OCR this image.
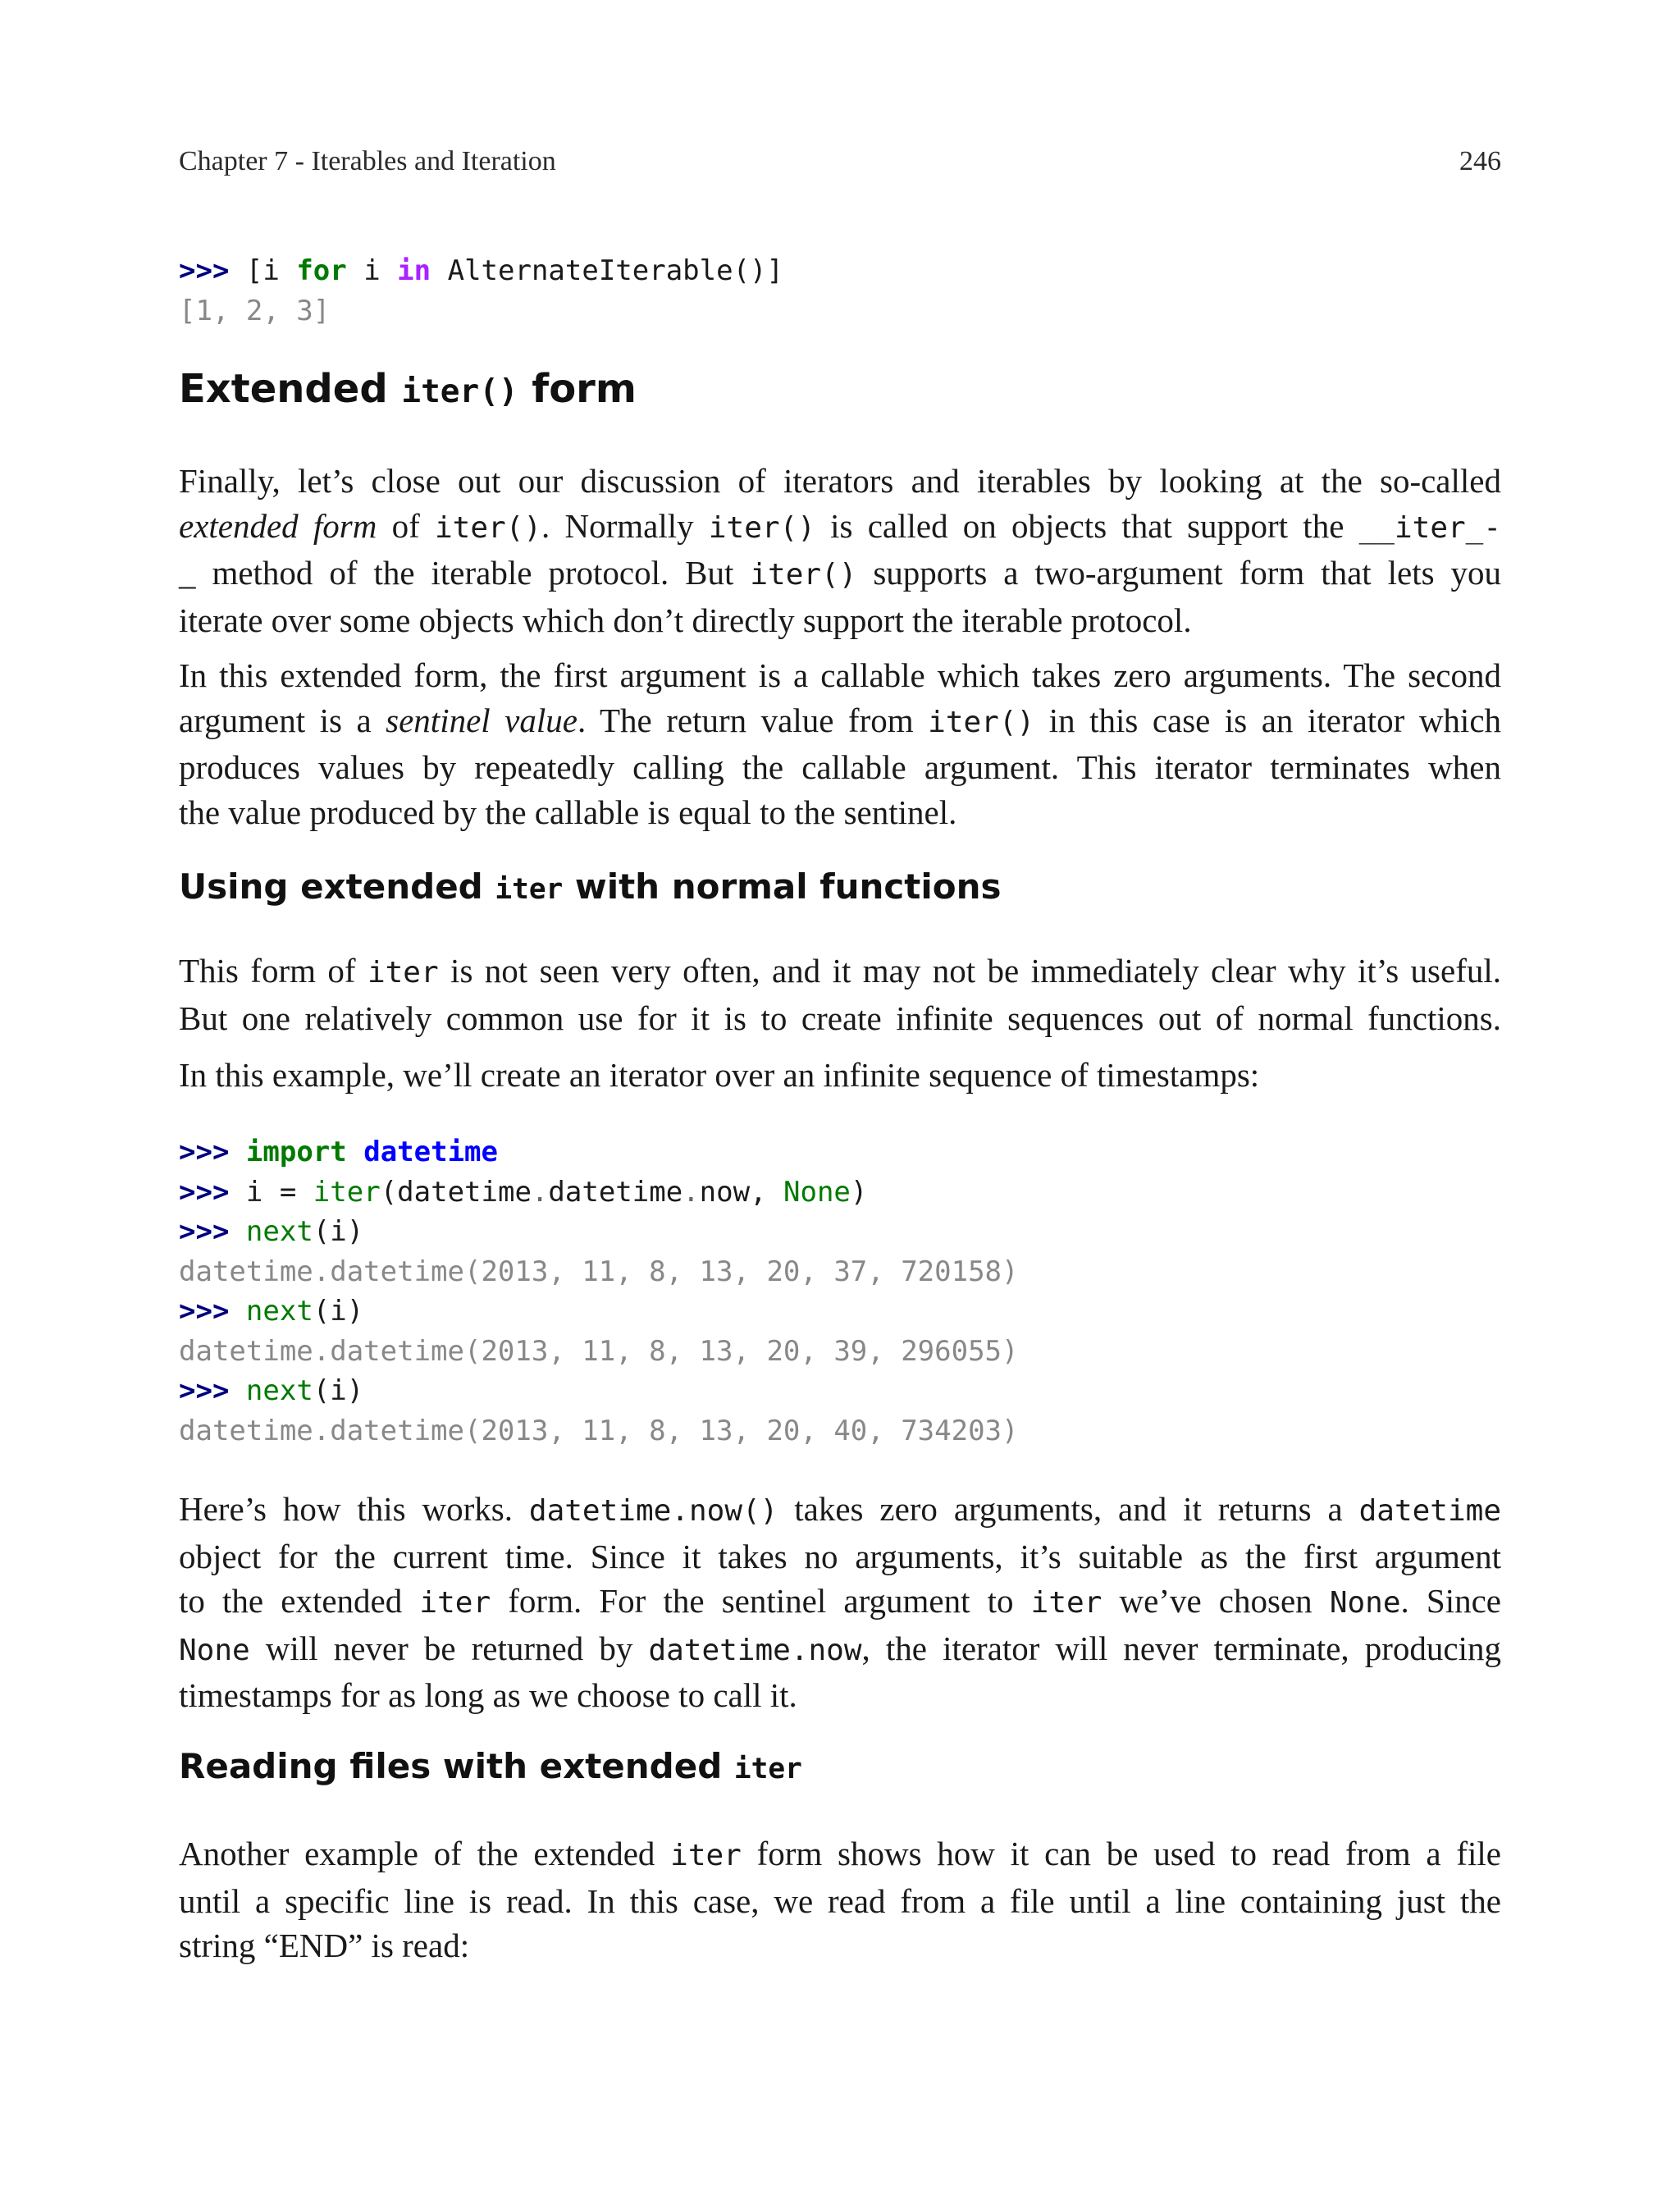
Chapter 7 - Iterables and Iteration	246
>>> [i for i in AlternateIterable()]
[1, 2, 3]
Extended iter() form
Finally, let’s close out our discussion of iterators and iterables by looking at the so-called
extended form of iter(). Normally iter() is called on objects that support the __iter_-
_ method of the iterable protocol. But iter() supports a two-argument form that lets you
iterate over some objects which don’t directly support the iterable protocol.
In this extended form, the first argument is a callable which takes zero arguments. The second
argument is a sentinel value. The return value from iter() in this case is an iterator which
produces values by repeatedly calling the callable argument. This iterator terminates when
the value produced by the callable is equal to the sentinel.
Using extended iter with normal functions
This form of iter is not seen very often, and it may not be immediately clear why it’s useful.
But one relatively common use for it is to create infinite sequences out of normal functions.
In this example, we’ll create an iterator over an infinite sequence of timestamps:
>>> import datetime
>>> i = iter(datetime.datetime.now, None)
>>> next(i)
datetime.datetime(2013, 11, 8, 13, 20, 37, 720158)
>>> next(i)
datetime.datetime(2013, 11, 8, 13, 20, 39, 296055)
>>> next(i)
datetime.datetime(2013, 11, 8, 13, 20, 40, 734203)
Here’s how this works. datetime.now() takes zero arguments, and it returns a datetime
object for the current time. Since it takes no arguments, it’s suitable as the first argument
to the extended iter form. For the sentinel argument to iter we’ve chosen None. Since
None will never be returned by datetime.now, the iterator will never terminate, producing
timestamps for as long as we choose to call it.
Reading files with extended iter
Another example of the extended iter form shows how it can be used to read from a file
until a specific line is read. In this case, we read from a file until a line containing just the
string “END” is read:
